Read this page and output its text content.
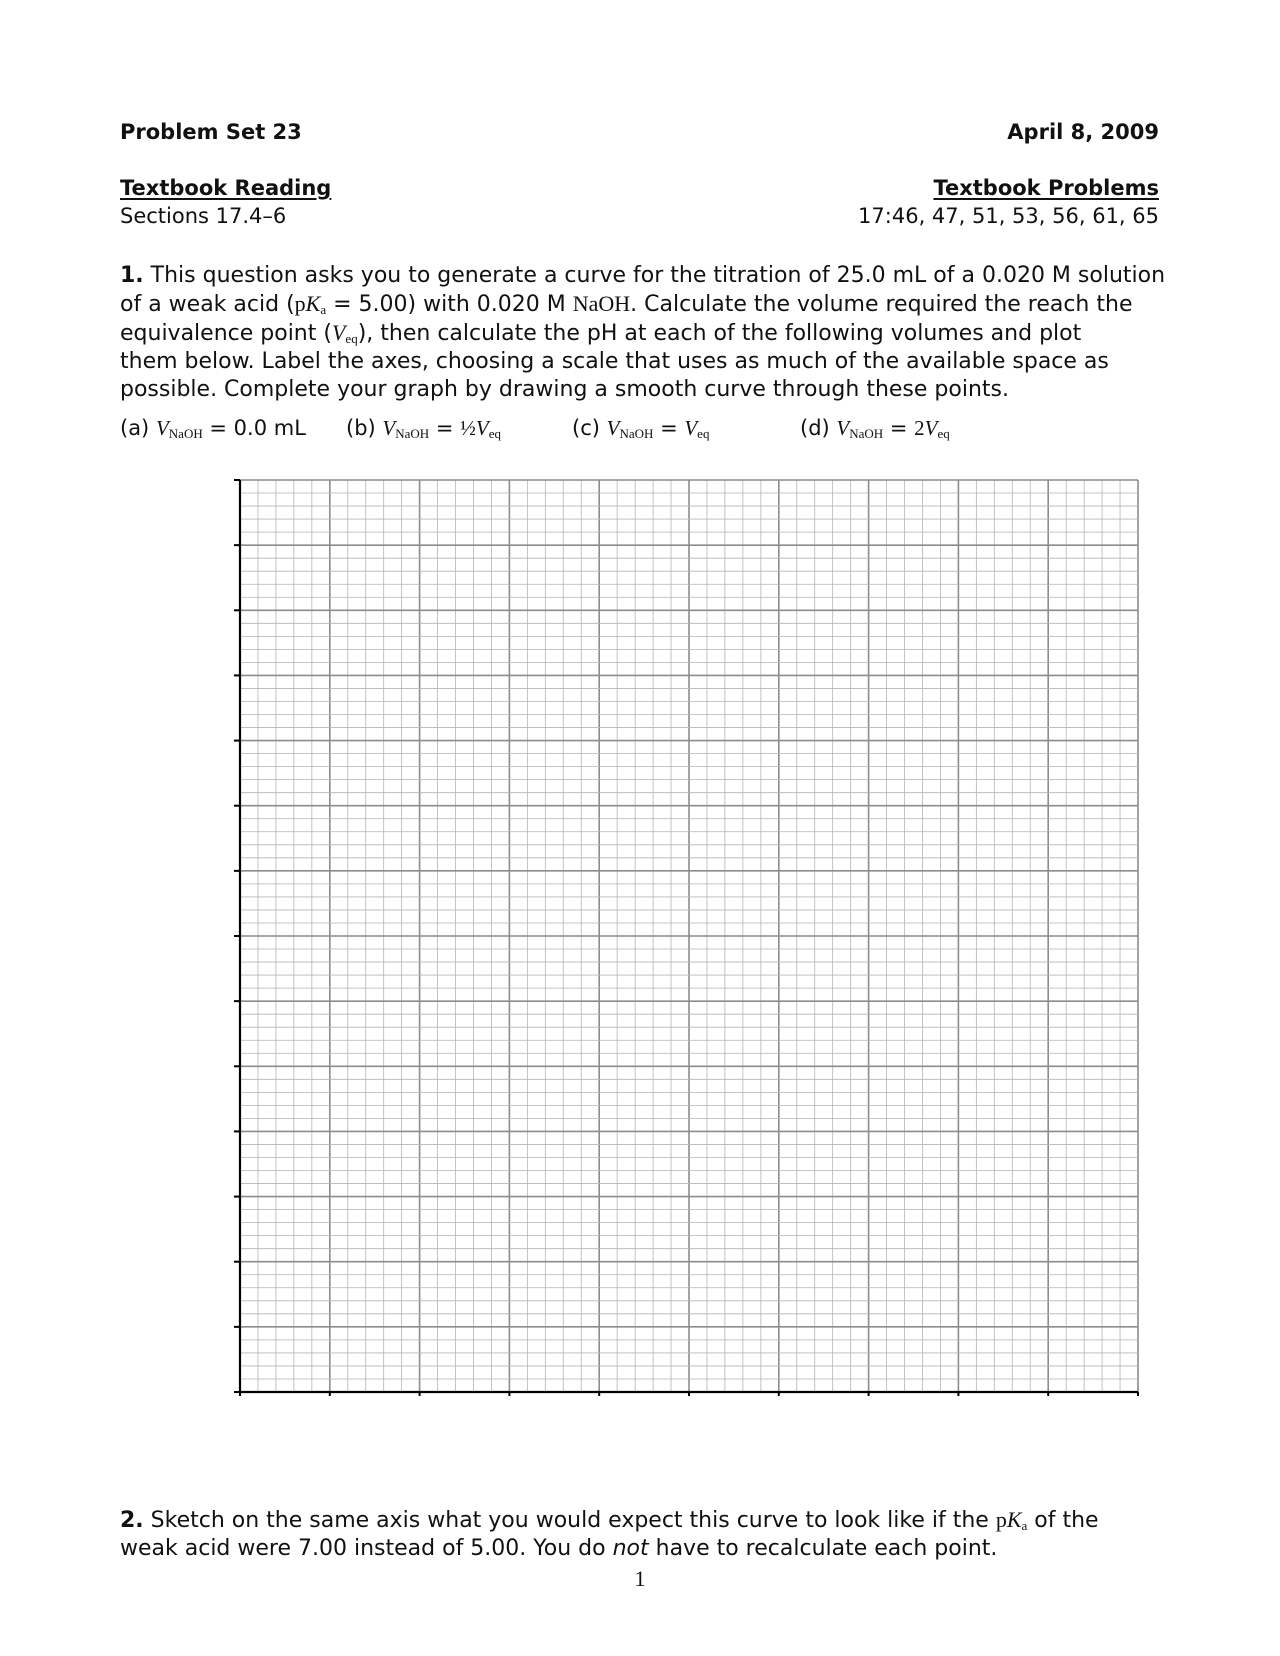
Problem Set 23	April 8, 2009
Textbook Reading
Sections 17.4–6
Textbook Problems
17:46, 47, 51, 53, 56, 61, 65
1. This question asks you to generate a curve for the titration of 25.0 mL of a 0.020 M solution
of a weak acid $(pK_a = 5.00)$ with 0.020 M NaOH. Calculate the volume required the reach the
equivalence point $(V_{eq})$, then calculate the pH at each of the following volumes and plot
them below. Label the axes, choosing a scale that uses as much of the available space as
possible. Complete your graph by drawing a smooth curve through these points.
(a) $V_{NaOH} = 0.0$ mL (b) $V_{NaOH}$ = $\frac{1}{2}V_{eq}$	(c) $V_{NaOH} = V_{eq}$	(d) $V_{NaOH} = 2V_{eq}$
2. Sketch on the same axis what you would expect this curve to look like if the $pK_a$ of the
weak acid were 7.00 instead of 5.00. You do not have to recalculate each point.
1
